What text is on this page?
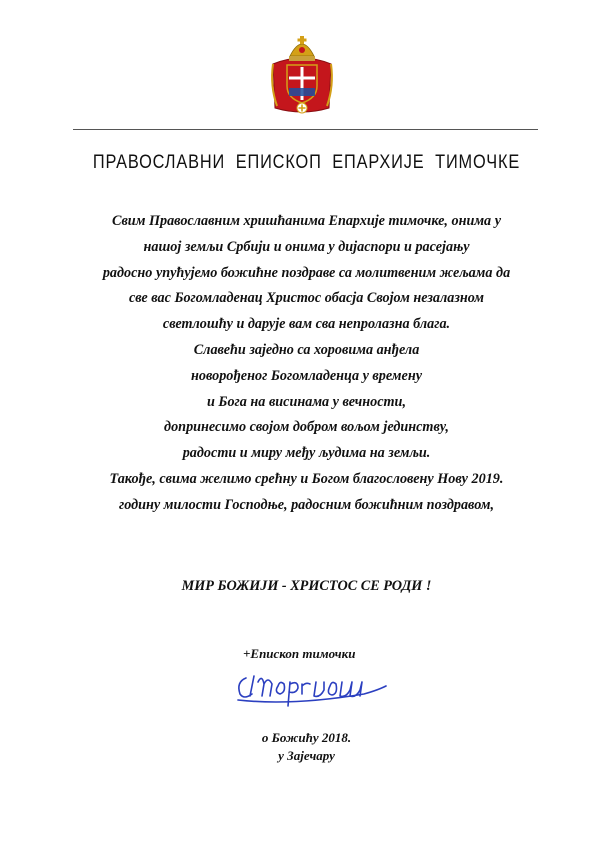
ПРАВОСЛАВНИ ЕПИСКОП ЕПАРХИЈЕ ТИМОЧКЕ
Свим Православним хришћанима Епархије тимочке, онима у
нашој земљи Србији и онима у дијаспори и расејању
радосно упућујемо божићне поздраве са молитвеним жељама да
све вас Богомладенац Христос обасја Својом незалазном
светлошћу и дарује вам сва непролазна блага.
Славећи заједно са хоровима анђела
новорођеног Богомладенца у времену
и Бога на висинама у вечности,
допринесимо својом добром вољом јединству,
радости и миру међу људима на земљи.
Такође, свима желимо срећну и Богом благословену Нову 2019.
годину милости Господње, радосним божићним поздравом,
МИР БОЖИЈИ - ХРИСТОС СЕ РОДИ !
+Епископ тимочки
о Божићу 2018.
у Зајечару
